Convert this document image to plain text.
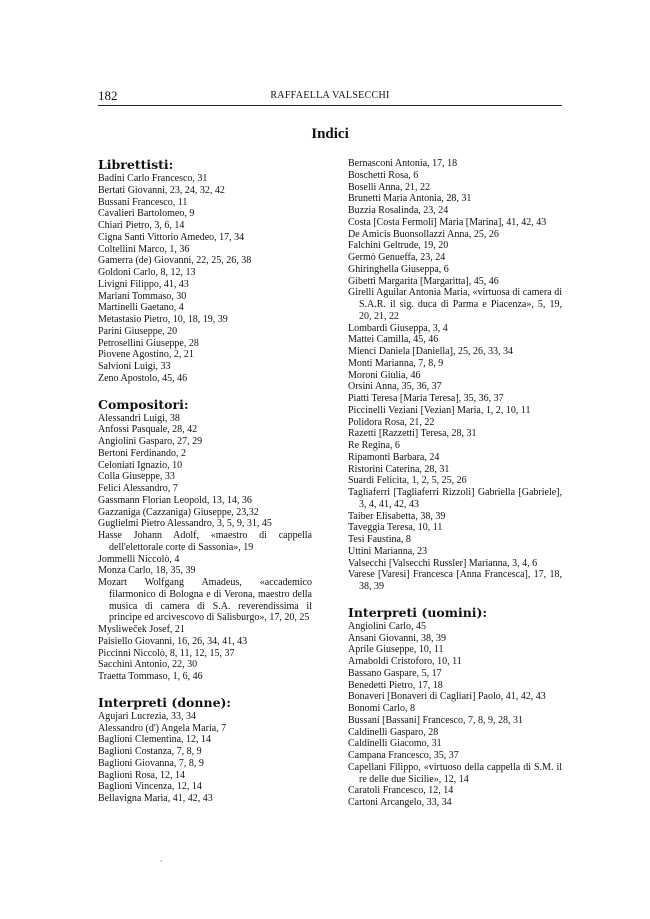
182	RAFFAELLA VALSECCHI
Indici
Librettisti:
Badini Carlo Francesco, 31
Bertati Giovanni, 23, 24, 32, 42
Bussani Francesco, 11
Cavalieri Bartolomeo, 9
Chiari Pietro, 3, 6, 14
Cigna Santi Vittorio Amedeo, 17, 34
Coltellini Marco, 1, 36
Gamerra (de) Giovanni, 22, 25, 26, 38
Goldoni Carlo, 8, 12, 13
Livigni Filippo, 41, 43
Mariani Tommaso, 30
Martinelli Gaetano, 4
Metastasio Pietro, 10, 18, 19, 39
Parini Giuseppe, 20
Petrosellini Giuseppe, 28
Piovene Agostino, 2, 21
Salvioni Luigi, 33
Zeno Apostolo, 45, 46
Compositori:
Alessandri Luigi, 38
Anfossi Pasquale, 28, 42
Angiolini Gasparo, 27, 29
Bertoni Ferdinando, 2
Celoniati Ignazio, 10
Colla Giuseppe, 33
Felici Alessandro, 7
Gassmann Florian Leopold, 13, 14, 36
Gazzaniga (Cazzaniga) Giuseppe, 23,32
Guglielmi Pietro Alessandro, 3, 5, 9, 31, 45
Hasse Johann Adolf, «maestro di cappella dell'elettorale corte di Sassonia», 19
Jommelli Niccolò, 4
Monza Carlo, 18, 35, 39
Mozart Wolfgang Amadeus, «accademico filarmonico di Bologna e di Verona, maestro della musica di camera di S.A. reverendissima il principe ed arcivescovo di Salisburgo», 17, 20, 25
Mysliweček Josef, 21
Paisiello Giovanni, 16, 26, 34, 41, 43
Piccinni Niccolò, 8, 11, 12, 15, 37
Sacchini Antonio, 22, 30
Traetta Tommaso, 1, 6, 46
Interpreti (donne):
Agujari Lucrezia, 33, 34
Alessandro (d') Angela Maria, 7
Baglioni Clementina, 12, 14
Baglioni Costanza, 7, 8, 9
Baglioni Giovanna, 7, 8, 9
Baglioni Rosa, 12, 14
Baglioni Vincenza, 12, 14
Bellavigna Maria, 41, 42, 43
Bernasconi Antonia, 17, 18
Boschetti Rosa, 6
Boselli Anna, 21, 22
Brunetti Maria Antonia, 28, 31
Buzzia Rosalinda, 23, 24
Costa [Costa Fermoli] Maria [Marina], 41, 42, 43
De Amicis Buonsollazzi Anna, 25, 26
Falchini Geltrude, 19, 20
Germò Genueffa, 23, 24
Ghiringhella Giuseppa, 6
Gibetti Margarita [Margaritta], 45, 46
Girelli Aguilar Antonia Maria, «virtuosa di camera di S.A.R. il sig. duca di Parma e Piacenza», 5, 19, 20, 21, 22
Lombardi Giuseppa, 3, 4
Mattei Camilla, 45, 46
Mienci Daniela [Daniella], 25, 26, 33, 34
Monti Marianna, 7, 8, 9
Moroni Giulia, 46
Orsini Anna, 35, 36, 37
Piatti Teresa [Maria Teresa], 35, 36, 37
Piccinelli Veziani [Vezian] Maria, 1, 2, 10, 11
Polidora Rosa, 21, 22
Razetti [Razzetti] Teresa, 28, 31
Re Regina, 6
Ripamonti Barbara, 24
Ristorini Caterina, 28, 31
Suardi Felicita, 1, 2, 5, 25, 26
Tagliaferri [Tagliaferri Rizzoli] Gabriella [Gabriele], 3, 4, 41, 42, 43
Taiber Elisabetta, 38, 39
Taveggia Teresa, 10, 11
Tesi Faustina, 8
Uttini Marianna, 23
Valsecchi [Valsecchi Russler] Marianna, 3, 4, 6
Varese [Varesi] Francesca [Anna Francesca], 17, 18, 38, 39
Interpreti (uomini):
Angiolini Carlo, 45
Ansani Giovanni, 38, 39
Aprile Giuseppe, 10, 11
Arnaboldi Cristoforo, 10, 11
Bassano Gaspare, 5, 17
Benedetti Pietro, 17, 18
Bonaveri [Bonaveri di Cagliari] Paolo, 41, 42, 43
Bonomi Carlo, 8
Bussani [Bassani] Francesco, 7, 8, 9, 28, 31
Caldinelli Gasparo, 28
Caldinelli Giacomo, 31
Campana Francesco, 35, 37
Capellani Filippo, «virtuoso della cappella di S.M. il re delle due Sicilie», 12, 14
Caratoli Francesco, 12, 14
Cartoni Arcangelo, 33, 34
·
